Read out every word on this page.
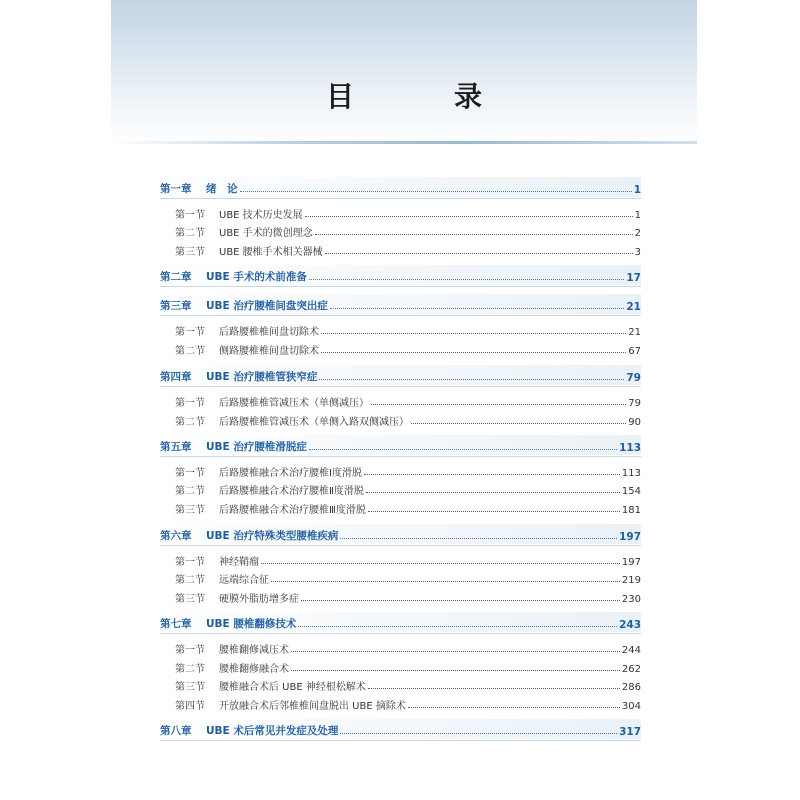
目　录
第一章	绪　论	1
第一节	UBE 技术历史发展	1
第二节	UBE 手术的微创理念	2
第三节	UBE 腰椎手术相关器械	3
第二章	UBE 手术的术前准备	17
第三章	UBE 治疗腰椎间盘突出症	21
第一节	后路腰椎椎间盘切除术	21
第二节	侧路腰椎椎间盘切除术	67
第四章	UBE 治疗腰椎管狭窄症	79
第一节	后路腰椎椎管减压术（单侧减压）	79
第二节	后路腰椎椎管减压术（单侧入路双侧减压）	90
第五章	UBE 治疗腰椎滑脱症	113
第一节	后路腰椎融合术治疗腰椎Ⅰ度滑脱	113
第二节	后路腰椎融合术治疗腰椎Ⅱ度滑脱	154
第三节	后路腰椎融合术治疗腰椎Ⅲ度滑脱	181
第六章	UBE 治疗特殊类型腰椎疾病	197
第一节	神经鞘瘤	197
第二节	远端综合征	219
第三节	硬膜外脂肪增多症	230
第七章	UBE 腰椎翻修技术	243
第一节	腰椎翻修减压术	244
第二节	腰椎翻修融合术	262
第三节	腰椎融合术后 UBE 神经根松解术	286
第四节	开放融合术后邻椎椎间盘脱出 UBE 摘除术	304
第八章	UBE 术后常见并发症及处理	317
